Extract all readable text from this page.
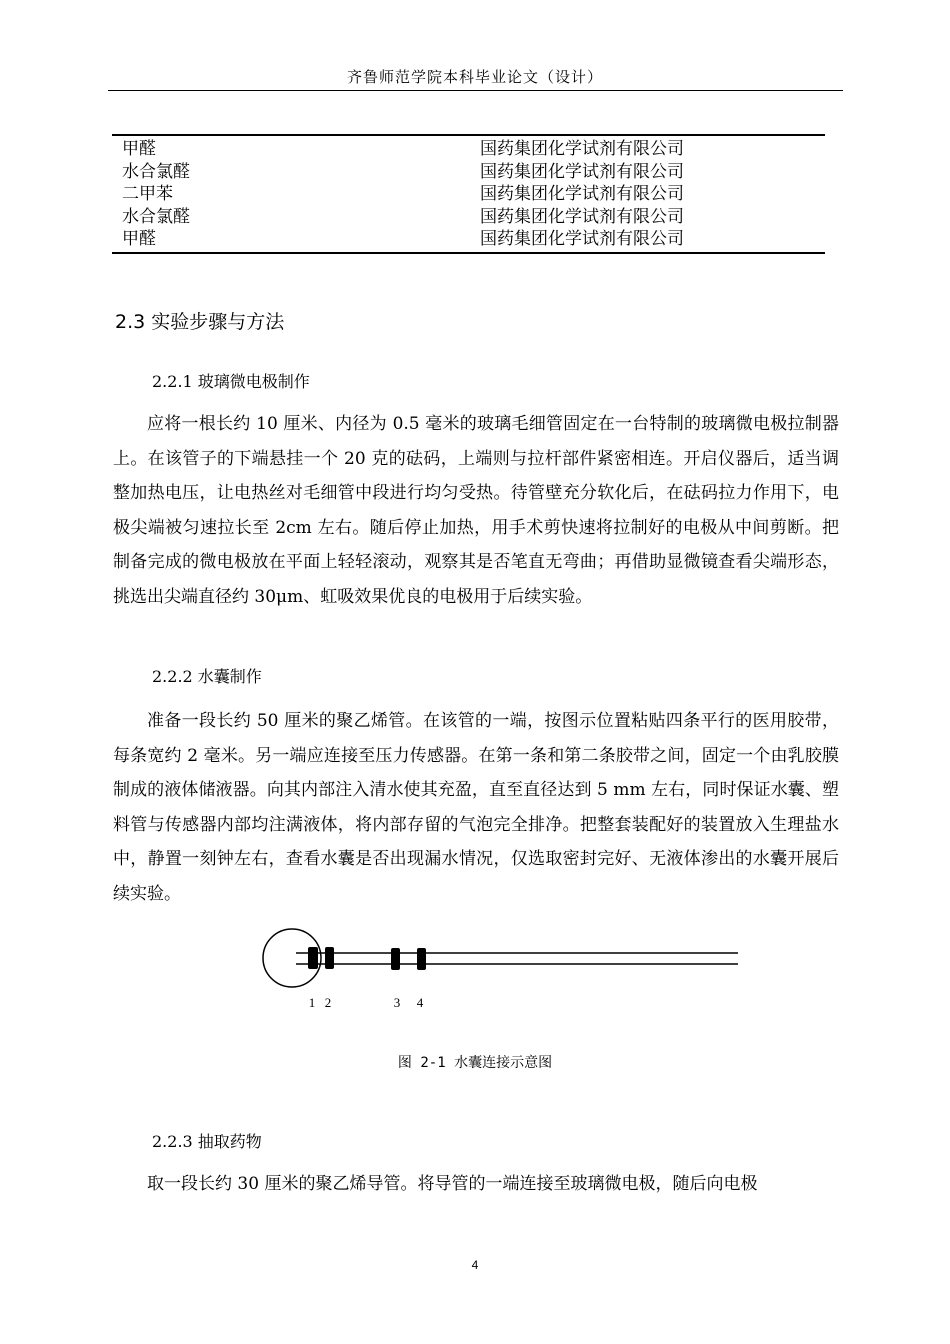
齐鲁师范学院本科毕业论文（设计）
甲醛	国药集团化学试剂有限公司
水合氯醛	国药集团化学试剂有限公司
二甲苯	国药集团化学试剂有限公司
水合氯醛	国药集团化学试剂有限公司
甲醛	国药集团化学试剂有限公司
2.3 实验步骤与方法
2.2.1 玻璃微电极制作

应将一根长约 10 厘米、内径为 0.5 毫米的玻璃毛细管固定在一台特制的玻璃微电极拉制器上。在该管子的下端悬挂一个 20 克的砝码，上端则与拉杆部件紧密相连。开启仪器后，适当调整加热电压，让电热丝对毛细管中段进行均匀受热。待管壁充分软化后，在砝码拉力作用下，电极尖端被匀速拉长至 2cm 左右。随后停止加热，用手术剪快速将拉制好的电极从中间剪断。把制备完成的微电极放在平面上轻轻滚动，观察其是否笔直无弯曲；再借助显微镜查看尖端形态，挑选出尖端直径约 30μm、虹吸效果优良的电极用于后续实验。

2.2.2 水囊制作

准备一段长约 50 厘米的聚乙烯管。在该管的一端，按图示位置粘贴四条平行的医用胶带，每条宽约 2 毫米。另一端应连接至压力传感器。在第一条和第二条胶带之间，固定一个由乳胶膜制成的液体储液器。向其内部注入清水使其充盈，直至直径达到 5 mm 左右，同时保证水囊、塑料管与传感器内部均注满液体，将内部存留的气泡完全排净。把整套装配好的装置放入生理盐水中，静置一刻钟左右，查看水囊是否出现漏水情况，仅选取密封完好、无液体渗出的水囊开展后续实验。

1 2	3 4
图 2-1 水囊连接示意图
2.2.3 抽取药物

取一段长约 30 厘米的聚乙烯导管。将导管的一端连接至玻璃微电极，随后向电极

4
